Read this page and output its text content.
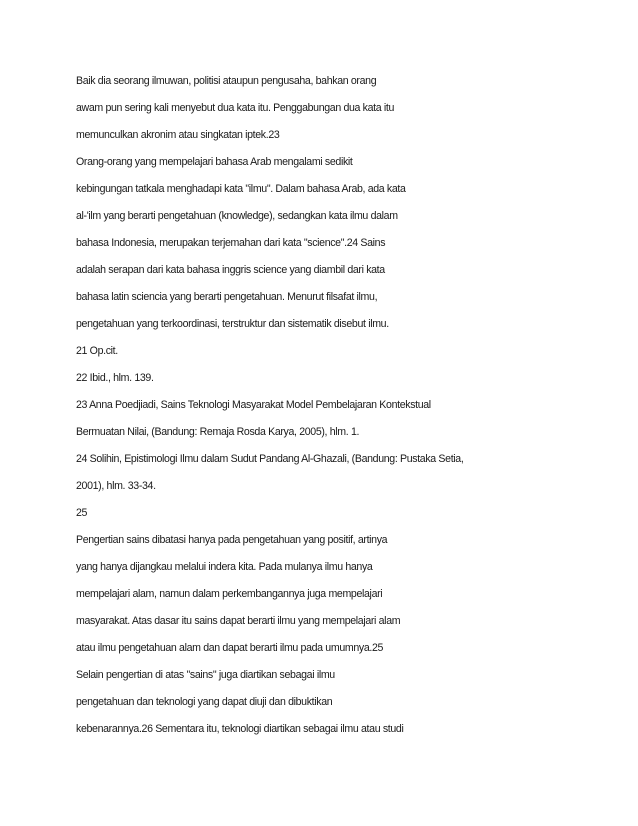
Baik dia seorang ilmuwan, politisi ataupun pengusaha, bahkan orang

awam pun sering kali menyebut dua kata itu. Penggabungan dua kata itu

memunculkan akronim atau singkatan iptek.23

Orang-orang yang mempelajari bahasa Arab mengalami sedikit

kebingungan tatkala menghadapi kata "ilmu". Dalam bahasa Arab, ada kata

al-'ilm yang berarti pengetahuan (knowledge), sedangkan kata ilmu dalam

bahasa Indonesia, merupakan terjemahan dari kata "science".24 Sains

adalah serapan dari kata bahasa inggris science yang diambil dari kata

bahasa latin sciencia yang berarti pengetahuan. Menurut filsafat ilmu,

pengetahuan yang terkoordinasi, terstruktur dan sistematik disebut ilmu.

21 Op.cit.

22 Ibid., hlm. 139.

23 Anna Poedjiadi, Sains Teknologi Masyarakat Model Pembelajaran Kontekstual

Bermuatan Nilai, (Bandung: Remaja Rosda Karya, 2005), hlm. 1.

24 Solihin, Epistimologi Ilmu dalam Sudut Pandang Al-Ghazali, (Bandung: Pustaka Setia,

2001), hlm. 33-34.

25

Pengertian sains dibatasi hanya pada pengetahuan yang positif, artinya

yang hanya dijangkau melalui indera kita. Pada mulanya ilmu hanya

mempelajari alam, namun dalam perkembangannya juga mempelajari

masyarakat. Atas dasar itu sains dapat berarti ilmu yang mempelajari alam

atau ilmu pengetahuan alam dan dapat berarti ilmu pada umumnya.25

Selain pengertian di atas "sains" juga diartikan sebagai ilmu

pengetahuan dan teknologi yang dapat diuji dan dibuktikan

kebenarannya.26 Sementara itu, teknologi diartikan sebagai ilmu atau studi
